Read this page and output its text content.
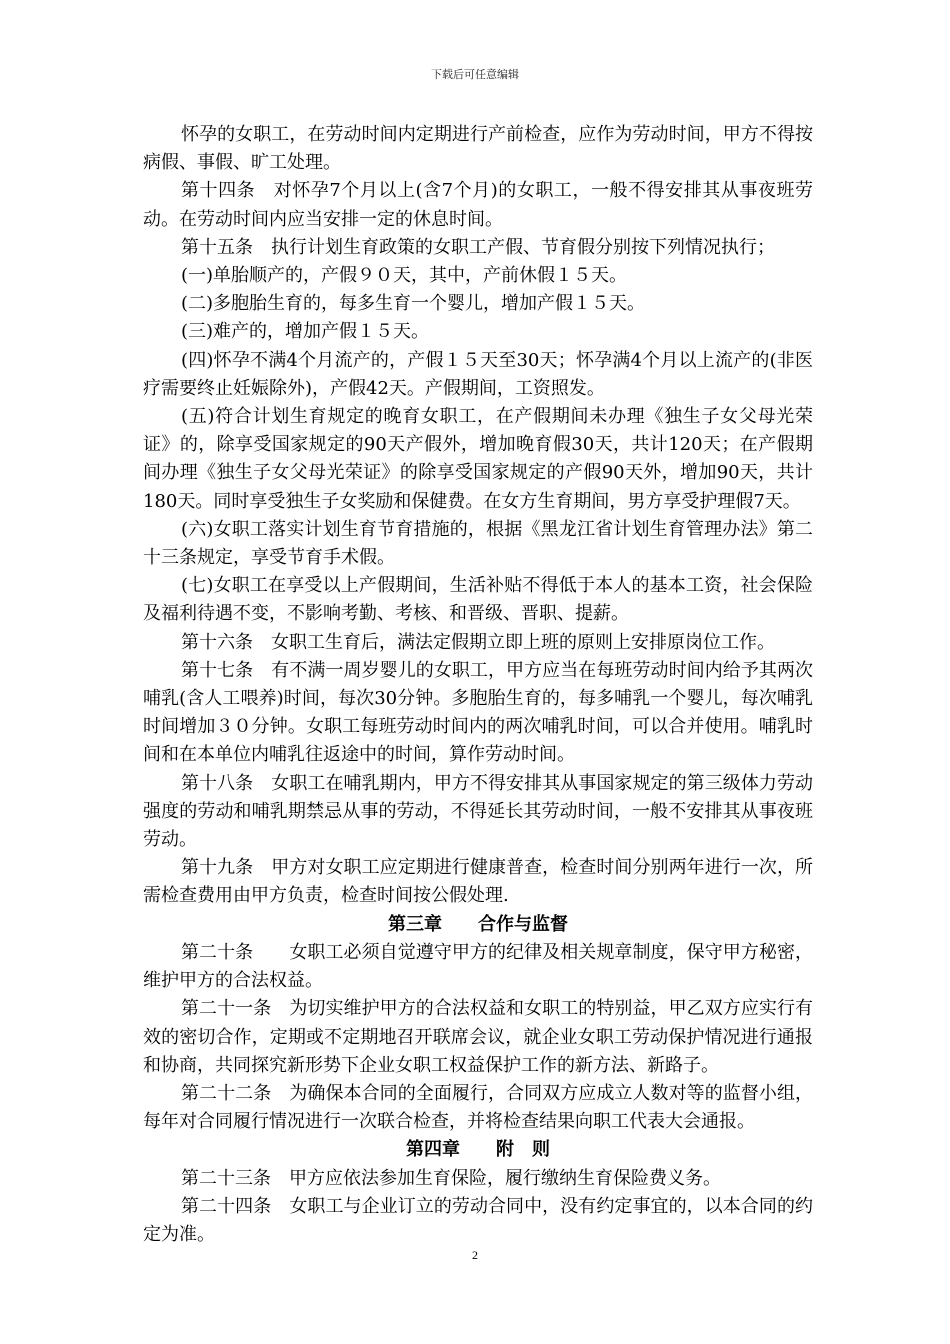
下载后可任意编辑

怀孕的女职工，在劳动时间内定期进行产前检查，应作为劳动时间，甲方不得按病假、事假、旷工处理。

第十四条　对怀孕7个月以上(含7个月)的女职工，一般不得安排其从事夜班劳动。在劳动时间内应当安排一定的休息时间。

第十五条　执行计划生育政策的女职工产假、节育假分别按下列情况执行；

(一)单胎顺产的，产假９０天，其中，产前休假１５天。

(二)多胞胎生育的，每多生育一个婴儿，增加产假１５天。

(三)难产的，增加产假１５天。

(四)怀孕不满4个月流产的，产假１５天至30天；怀孕满4个月以上流产的(非医疗需要终止妊娠除外)，产假42天。产假期间，工资照发。

(五)符合计划生育规定的晚育女职工，在产假期间未办理《独生子女父母光荣证》的，除享受国家规定的90天产假外，增加晚育假30天，共计120天；在产假期间办理《独生子女父母光荣证》的除享受国家规定的产假90天外，增加90天，共计180天。同时享受独生子女奖励和保健费。在女方生育期间，男方享受护理假7天。

(六)女职工落实计划生育节育措施的，根据《黑龙江省计划生育管理办法》第二十三条规定，享受节育手术假。

(七)女职工在享受以上产假期间，生活补贴不得低于本人的基本工资，社会保险及福利待遇不变，不影响考勤、考核、和晋级、晋职、提薪。

第十六条　女职工生育后，满法定假期立即上班的原则上安排原岗位工作。

第十七条　有不满一周岁婴儿的女职工，甲方应当在每班劳动时间内给予其两次哺乳(含人工喂养)时间，每次30分钟。多胞胎生育的，每多哺乳一个婴儿，每次哺乳时间增加３０分钟。女职工每班劳动时间内的两次哺乳时间，可以合并使用。哺乳时间和在本单位内哺乳往返途中的时间，算作劳动时间。

第十八条　女职工在哺乳期内，甲方不得安排其从事国家规定的第三级体力劳动强度的劳动和哺乳期禁忌从事的劳动，不得延长其劳动时间，一般不安排其从事夜班劳动。

第十九条　甲方对女职工应定期进行健康普查，检查时间分别两年进行一次，所需检查费用由甲方负责，检查时间按公假处理.

第三章　　合作与监督

第二十条　　女职工必须自觉遵守甲方的纪律及相关规章制度，保守甲方秘密，维护甲方的合法权益。

第二十一条　为切实维护甲方的合法权益和女职工的特别益，甲乙双方应实行有效的密切合作，定期或不定期地召开联席会议，就企业女职工劳动保护情况进行通报和协商，共同探究新形势下企业女职工权益保护工作的新方法、新路子。

第二十二条　为确保本合同的全面履行，合同双方应成立人数对等的监督小组，每年对合同履行情况进行一次联合检查，并将检查结果向职工代表大会通报。

第四章　　附　则

第二十三条　甲方应依法参加生育保险，履行缴纳生育保险费义务。

第二十四条　女职工与企业订立的劳动合同中，没有约定事宜的，以本合同的约定为准。

2
